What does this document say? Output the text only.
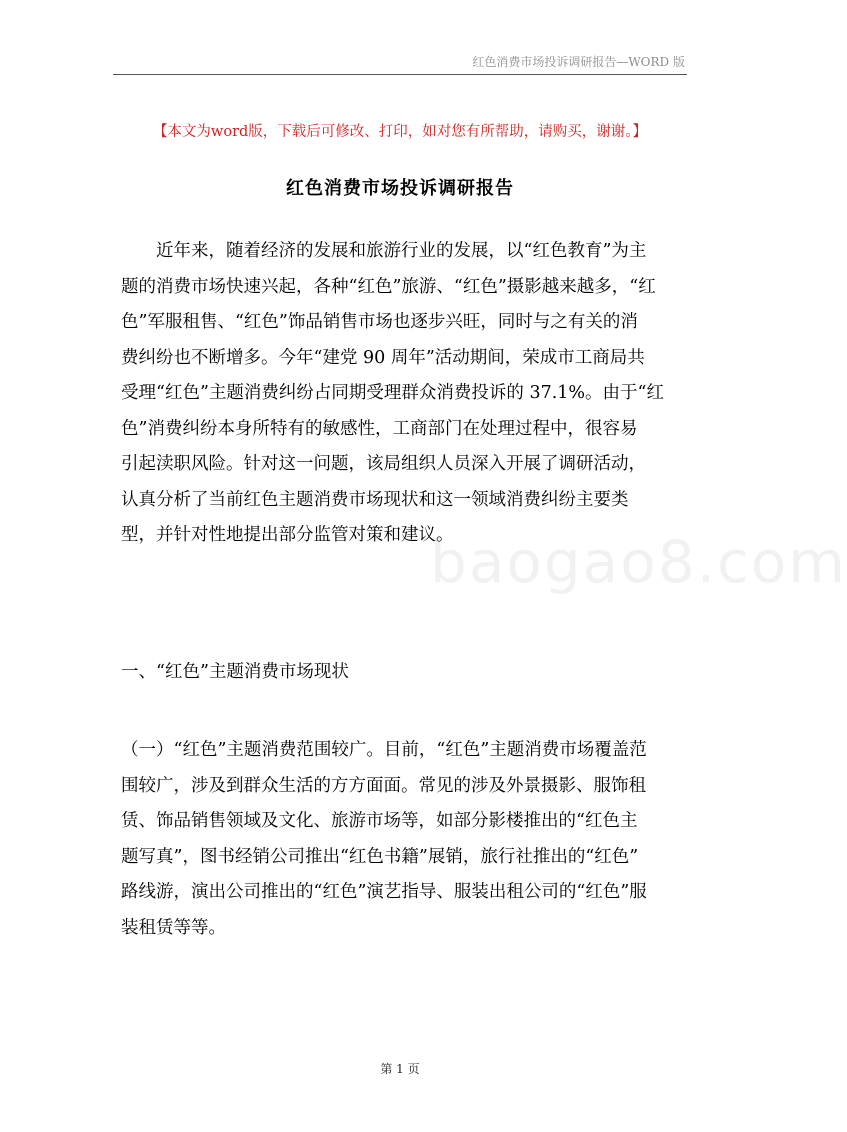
红色消费市场投诉调研报告—WORD 版
【本文为word版，下载后可修改、打印，如对您有所帮助，请购买，谢谢。】
红色消费市场投诉调研报告
近年来，随着经济的发展和旅游行业的发展，以“红色教育”为主
题的消费市场快速兴起，各种“红色”旅游、“红色”摄影越来越多，“红
色”军服租售、“红色”饰品销售市场也逐步兴旺，同时与之有关的消
费纠纷也不断增多。今年“建党 90 周年”活动期间，荣成市工商局共
受理“红色”主题消费纠纷占同期受理群众消费投诉的 37.1%。由于“红
色”消费纠纷本身所特有的敏感性，工商部门在处理过程中，很容易
引起渎职风险。针对这一问题，该局组织人员深入开展了调研活动，
认真分析了当前红色主题消费市场现状和这一领域消费纠纷主要类
型，并针对性地提出部分监管对策和建议。
baogao8.com
一、“红色”主题消费市场现状
（一）“红色”主题消费范围较广。目前，“红色”主题消费市场覆盖范
围较广，涉及到群众生活的方方面面。常见的涉及外景摄影、服饰租
赁、饰品销售领域及文化、旅游市场等，如部分影楼推出的“红色主
题写真”，图书经销公司推出“红色书籍”展销，旅行社推出的“红色”
路线游，演出公司推出的“红色”演艺指导、服装出租公司的“红色”服
装租赁等等。
第 1 页
